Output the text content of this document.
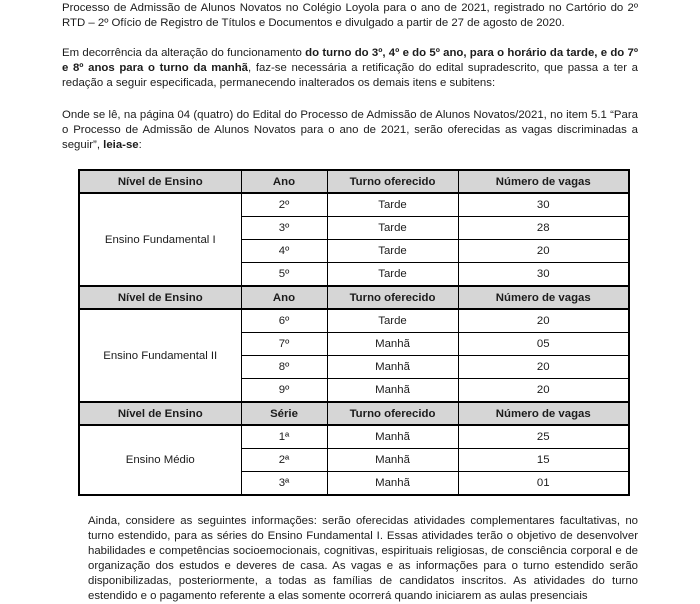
Processo de Admissão de Alunos Novatos no Colégio Loyola para o ano de 2021, registrado no Cartório do 2º RTD – 2º Ofício de Registro de Títulos e Documentos e divulgado a partir de 27 de agosto de 2020.

Em decorrência da alteração do funcionamento do turno do 3º, 4º e do 5º ano, para o horário da tarde, e do 7º e 8º anos para o turno da manhã, faz-se necessária a retificação do edital supradescrito, que passa a ter a redação a seguir especificada, permanecendo inalterados os demais itens e subitens:

Onde se lê, na página 04 (quatro) do Edital do Processo de Admissão de Alunos Novatos/2021, no item 5.1 “Para o Processo de Admissão de Alunos Novatos para o ano de 2021, serão oferecidas as vagas discriminadas a seguir”, leia-se:

Nível de Ensino	Ano	Turno oferecido	Número de vagas
Ensino Fundamental I	2º	Tarde	30
	3º	Tarde	28
	4º	Tarde	20
	5º	Tarde	30
Nível de Ensino	Ano	Turno oferecido	Número de vagas
Ensino Fundamental II	6º	Tarde	20
	7º	Manhã	05
	8º	Manhã	20
	9º	Manhã	20
Nível de Ensino	Série	Turno oferecido	Número de vagas
Ensino Médio	1ª	Manhã	25
	2ª	Manhã	15
	3ª	Manhã	01

Ainda, considere as seguintes informações: serão oferecidas atividades complementares facultativas, no turno estendido, para as séries do Ensino Fundamental I. Essas atividades terão o objetivo de desenvolver habilidades e competências socioemocionais, cognitivas, espirituais religiosas, de consciência corporal e de organização dos estudos e deveres de casa. As vagas e as informações para o turno estendido serão disponibilizadas, posteriormente, a todas as famílias de candidatos inscritos. As atividades do turno estendido e o pagamento referente a elas somente ocorrerá quando iniciarem as aulas presenciais
